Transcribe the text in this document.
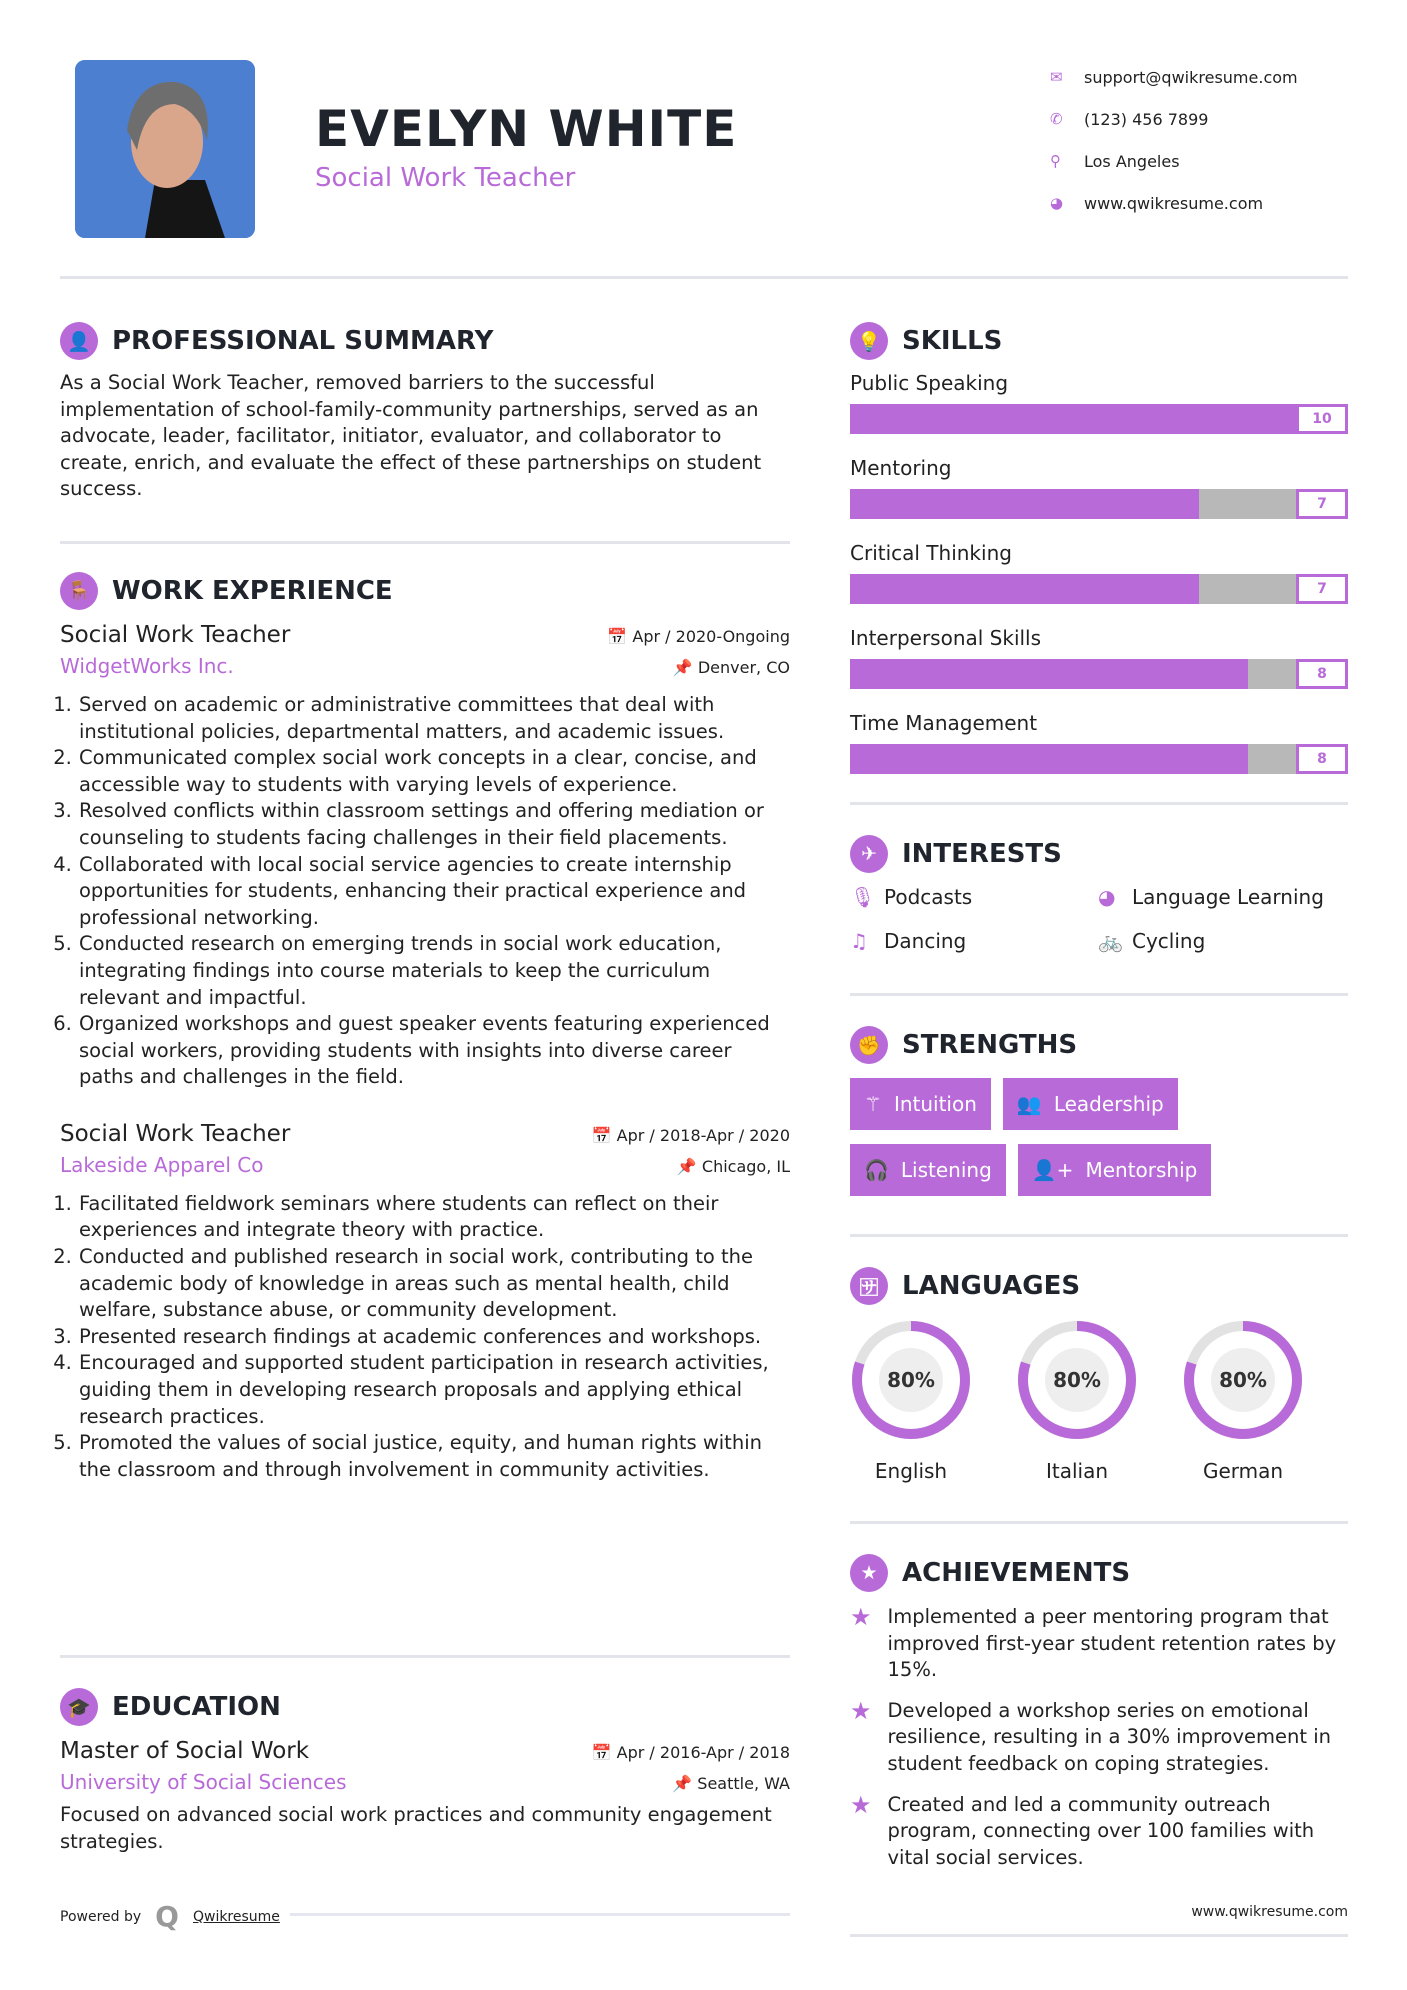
EVELYN WHITE
Social Work Teacher
✉	support@qwikresume.com
✆	(123) 456 7899
⚲	Los Angeles
◕	www.qwikresume.com
👤 PROFESSIONAL SUMMARY

As a Social Work Teacher, removed barriers to the successful implementation of school-family-community partnerships, served as an advocate, leader, facilitator, initiator, evaluator, and collaborator to create, enrich, and evaluate the effect of these partnerships on student success.

🪑 WORK EXPERIENCE
Social Work Teacher	📅 Apr / 2020-Ongoing
WidgetWorks Inc.	📌 Denver, CO
1. Served on academic or administrative committees that deal with institutional policies, departmental matters, and academic issues.
2. Communicated complex social work concepts in a clear, concise, and accessible way to students with varying levels of experience.
3. Resolved conflicts within classroom settings and offering mediation or counseling to students facing challenges in their field placements.
4. Collaborated with local social service agencies to create internship opportunities for students, enhancing their practical experience and professional networking.
5. Conducted research on emerging trends in social work education, integrating findings into course materials to keep the curriculum relevant and impactful.
6. Organized workshops and guest speaker events featuring experienced social workers, providing students with insights into diverse career paths and challenges in the field.
Social Work Teacher	📅 Apr / 2018-Apr / 2020
Lakeside Apparel Co	📌 Chicago, IL
1. Facilitated fieldwork seminars where students can reflect on their experiences and integrate theory with practice.
2. Conducted and published research in social work, contributing to the academic body of knowledge in areas such as mental health, child welfare, substance abuse, or community development.
3. Presented research findings at academic conferences and workshops.
4. Encouraged and supported student participation in research activities, guiding them in developing research proposals and applying ethical research practices.
5. Promoted the values of social justice, equity, and human rights within the classroom and through involvement in community activities.
🎓 EDUCATION
Master of Social Work	📅 Apr / 2016-Apr / 2018
University of Social Sciences	📌 Seattle, WA

Focused on advanced social work practices and community engagement strategies.

Powered by Q Qwikresume
💡 SKILLS
Public Speaking
10
Mentoring
7
Critical Thinking
7
Interpersonal Skills
8
Time Management
8
✈ INTERESTS
🎙 Podcasts	◕ Language Learning
♫ Dancing	🚲 Cycling
✊ STRENGTHS
⚚ Intuition 👥 Leadership

🎧 Listening 👤+ Mentorship
🈂 LANGUAGES
80%
English
80%
Italian
80%
German
★ ACHIEVEMENTS
★ Implemented a peer mentoring program that improved first-year student retention rates by 15%.
★ Developed a workshop series on emotional resilience, resulting in a 30% improvement in student feedback on coping strategies.
★ Created and led a community outreach program, connecting over 100 families with vital social services.
www.qwikresume.com
